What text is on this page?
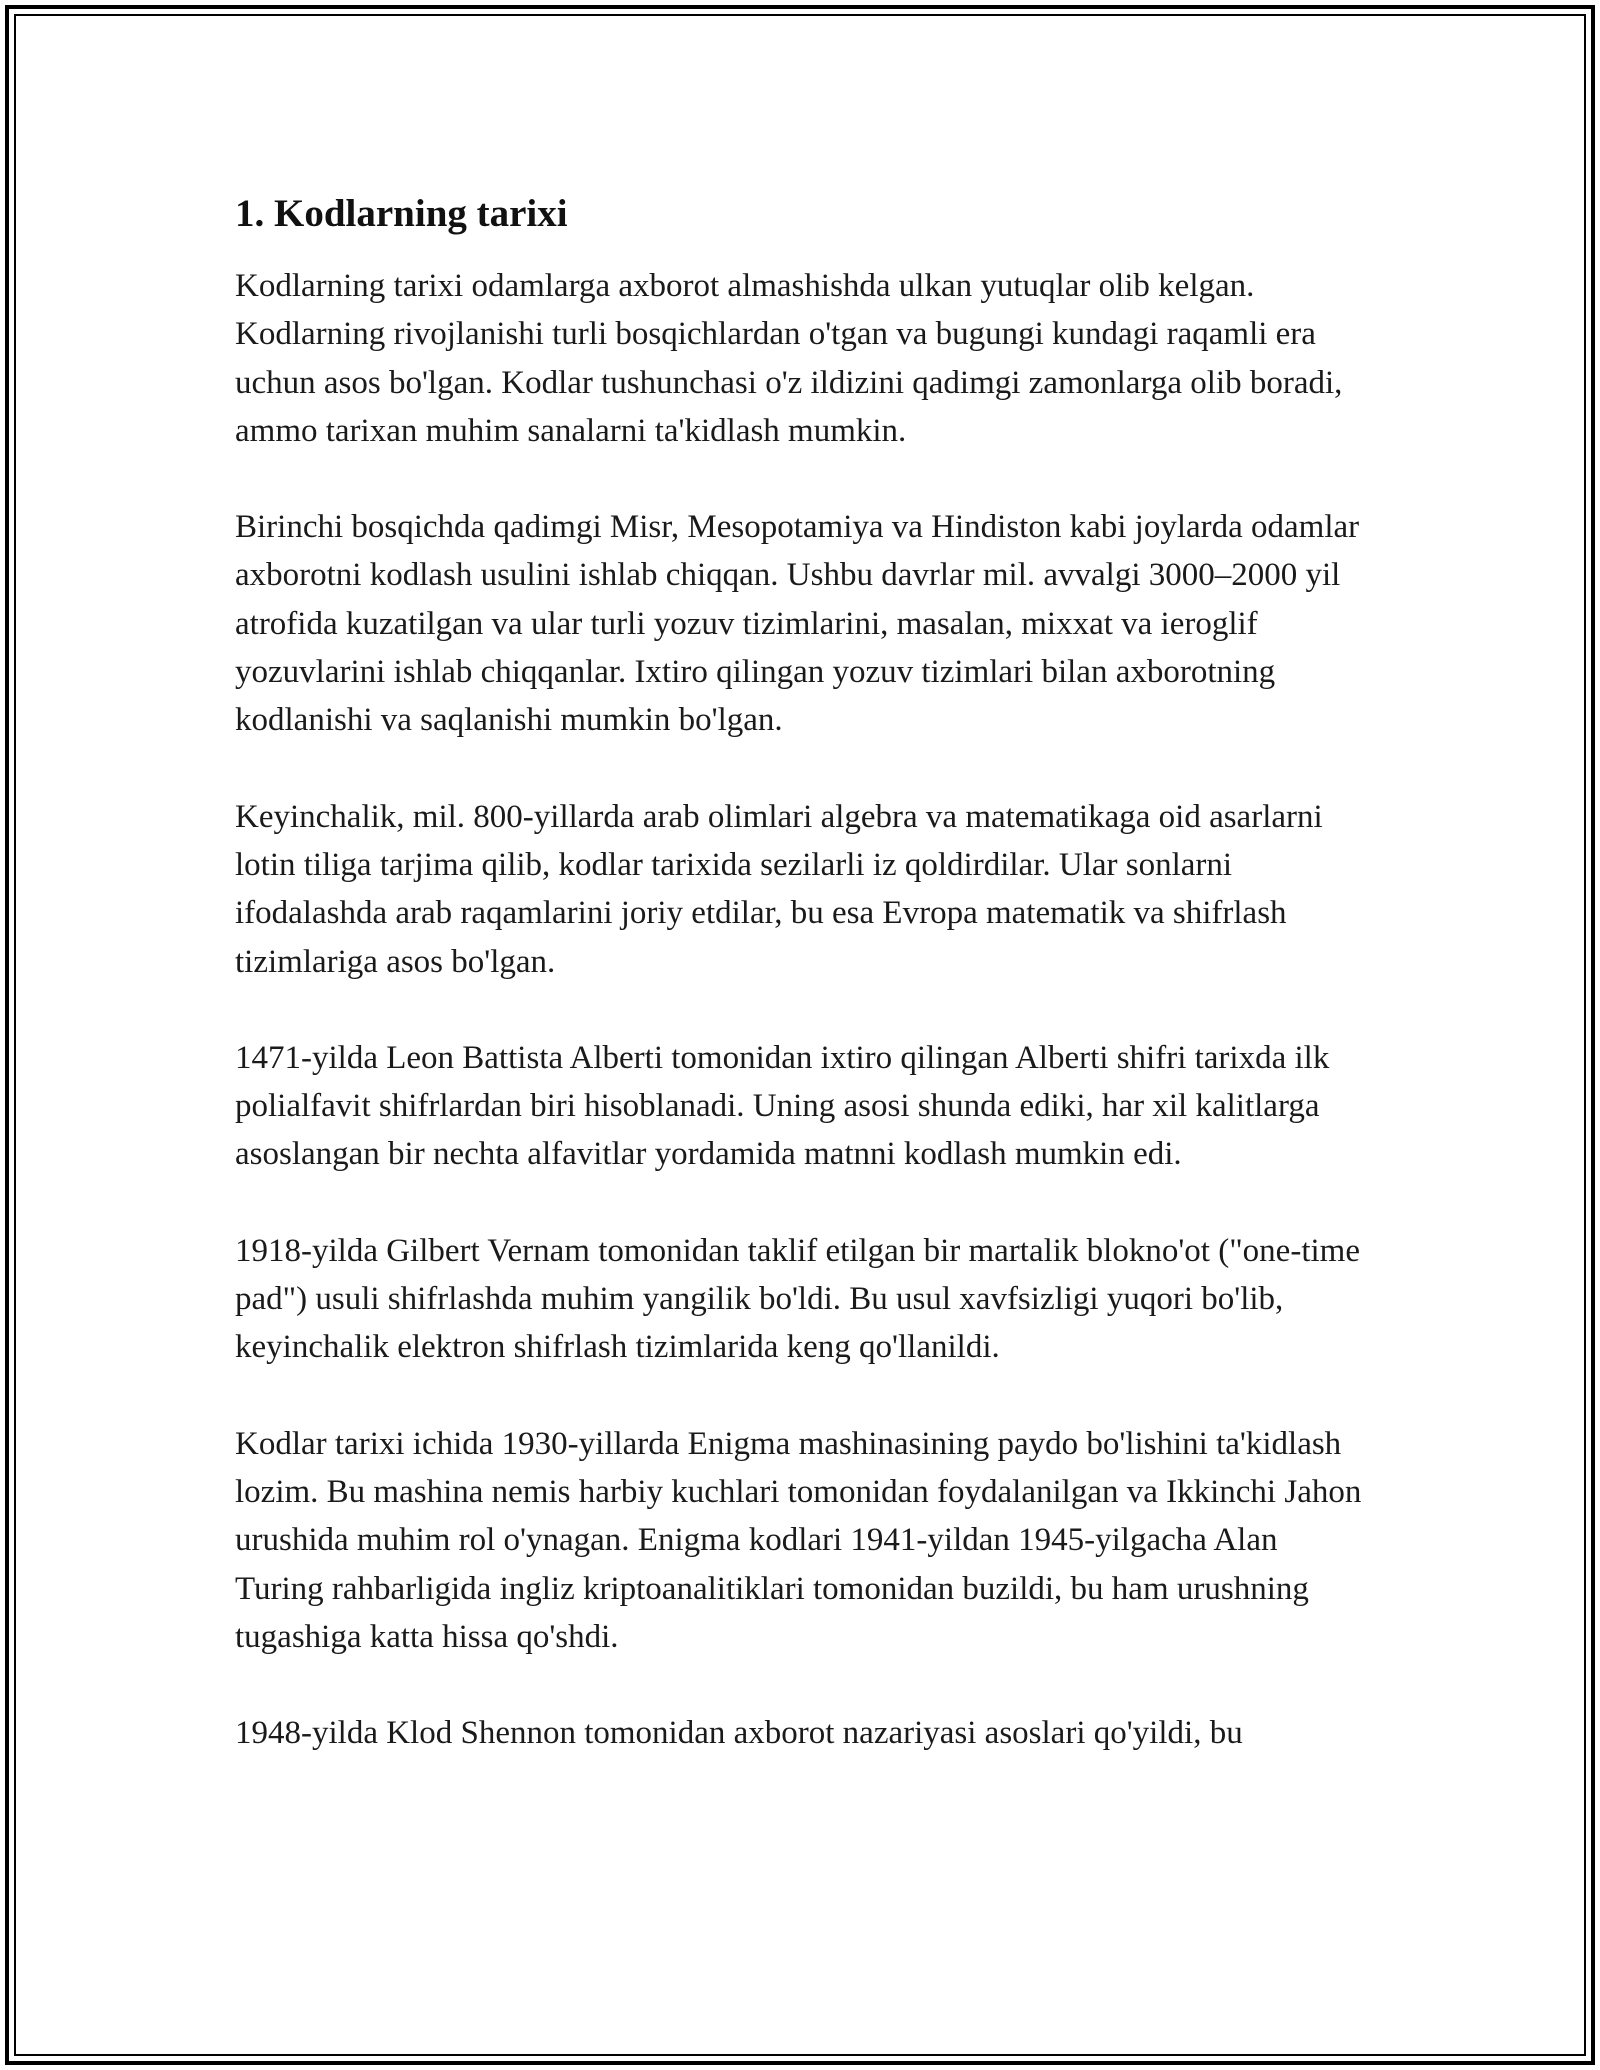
1. Kodlarning tarixi

Kodlarning tarixi odamlarga axborot almashishda ulkan yutuqlar olib kelgan. Kodlarning rivojlanishi turli bosqichlardan o'tgan va bugungi kundagi raqamli era uchun asos bo'lgan. Kodlar tushunchasi o'z ildizini qadimgi zamonlarga olib boradi, ammo tarixan muhim sanalarni ta'kidlash mumkin.

Birinchi bosqichda qadimgi Misr, Mesopotamiya va Hindiston kabi joylarda odamlar axborotni kodlash usulini ishlab chiqqan. Ushbu davrlar mil. avvalgi 3000–2000 yil atrofida kuzatilgan va ular turli yozuv tizimlarini, masalan, mixxat va ieroglif yozuvlarini ishlab chiqqanlar. Ixtiro qilingan yozuv tizimlari bilan axborotning kodlanishi va saqlanishi mumkin bo'lgan.

Keyinchalik, mil. 800-yillarda arab olimlari algebra va matematikaga oid asarlarni lotin tiliga tarjima qilib, kodlar tarixida sezilarli iz qoldirdilar. Ular sonlarni ifodalashda arab raqamlarini joriy etdilar, bu esa Evropa matematik va shifrlash tizimlariga asos bo'lgan.

1471-yilda Leon Battista Alberti tomonidan ixtiro qilingan Alberti shifri tarixda ilk polialfavit shifrlardan biri hisoblanadi. Uning asosi shunda ediki, har xil kalitlarga asoslangan bir nechta alfavitlar yordamida matnni kodlash mumkin edi.

1918-yilda Gilbert Vernam tomonidan taklif etilgan bir martalik blokno'ot ("one-time pad") usuli shifrlashda muhim yangilik bo'ldi. Bu usul xavfsizligi yuqori bo'lib, keyinchalik elektron shifrlash tizimlarida keng qo'llanildi.

Kodlar tarixi ichida 1930-yillarda Enigma mashinasining paydo bo'lishini ta'kidlash lozim. Bu mashina nemis harbiy kuchlari tomonidan foydalanilgan va Ikkinchi Jahon urushida muhim rol o'ynagan. Enigma kodlari 1941-yildan 1945-yilgacha Alan Turing rahbarligida ingliz kriptoanalitiklari tomonidan buzildi, bu ham urushning tugashiga katta hissa qo'shdi.

1948-yilda Klod Shennon tomonidan axborot nazariyasi asoslari qo'yildi, bu
